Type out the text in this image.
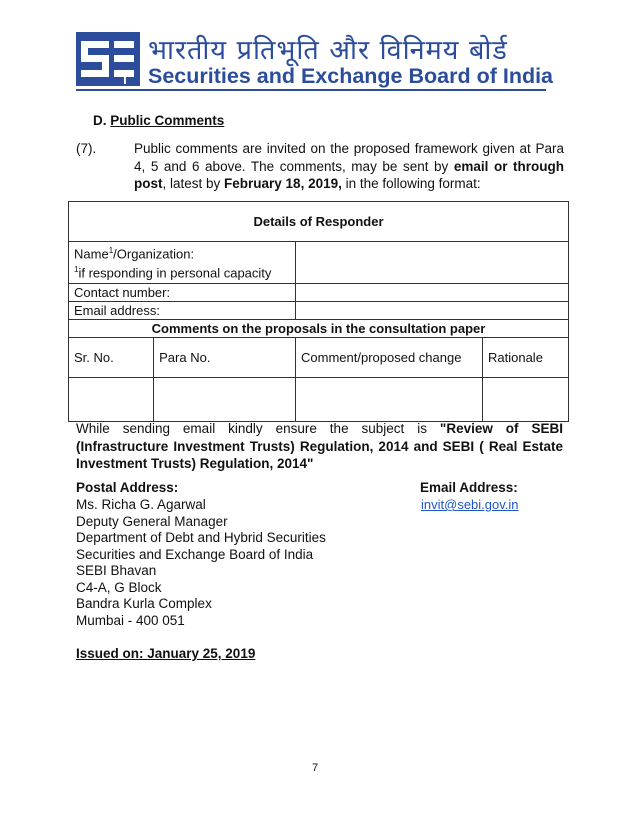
i
भारतीय प्रतिभूति और विनिमय बोर्ड
Securities and Exchange Board of India
D. Public Comments
(7).	Public comments are invited on the proposed framework given at Para 4, 5 and 6 above. The comments, may be sent by email or through post, latest by February 18, 2019, in the following format:
Details of Responder			
Name$^1$/Organization:
$^1$if responding in personal capacity			
Contact number:			
Email address:			
Comments on the proposals in the consultation paper			
Sr. No.	Para No.	Comment/proposed change	Rationale

While sending email kindly ensure the subject is "Review of SEBI (Infrastructure Investment Trusts) Regulation, 2014 and SEBI ( Real Estate Investment Trusts) Regulation, 2014"
Postal Address:
Ms. Richa G. Agarwal
Deputy General Manager
Department of Debt and Hybrid Securities
Securities and Exchange Board of India
SEBI Bhavan
C4-A, G Block
Bandra Kurla Complex
Mumbai - 400 051
Email Address:
invit@sebi.gov.in
Issued on: January 25, 2019
7
